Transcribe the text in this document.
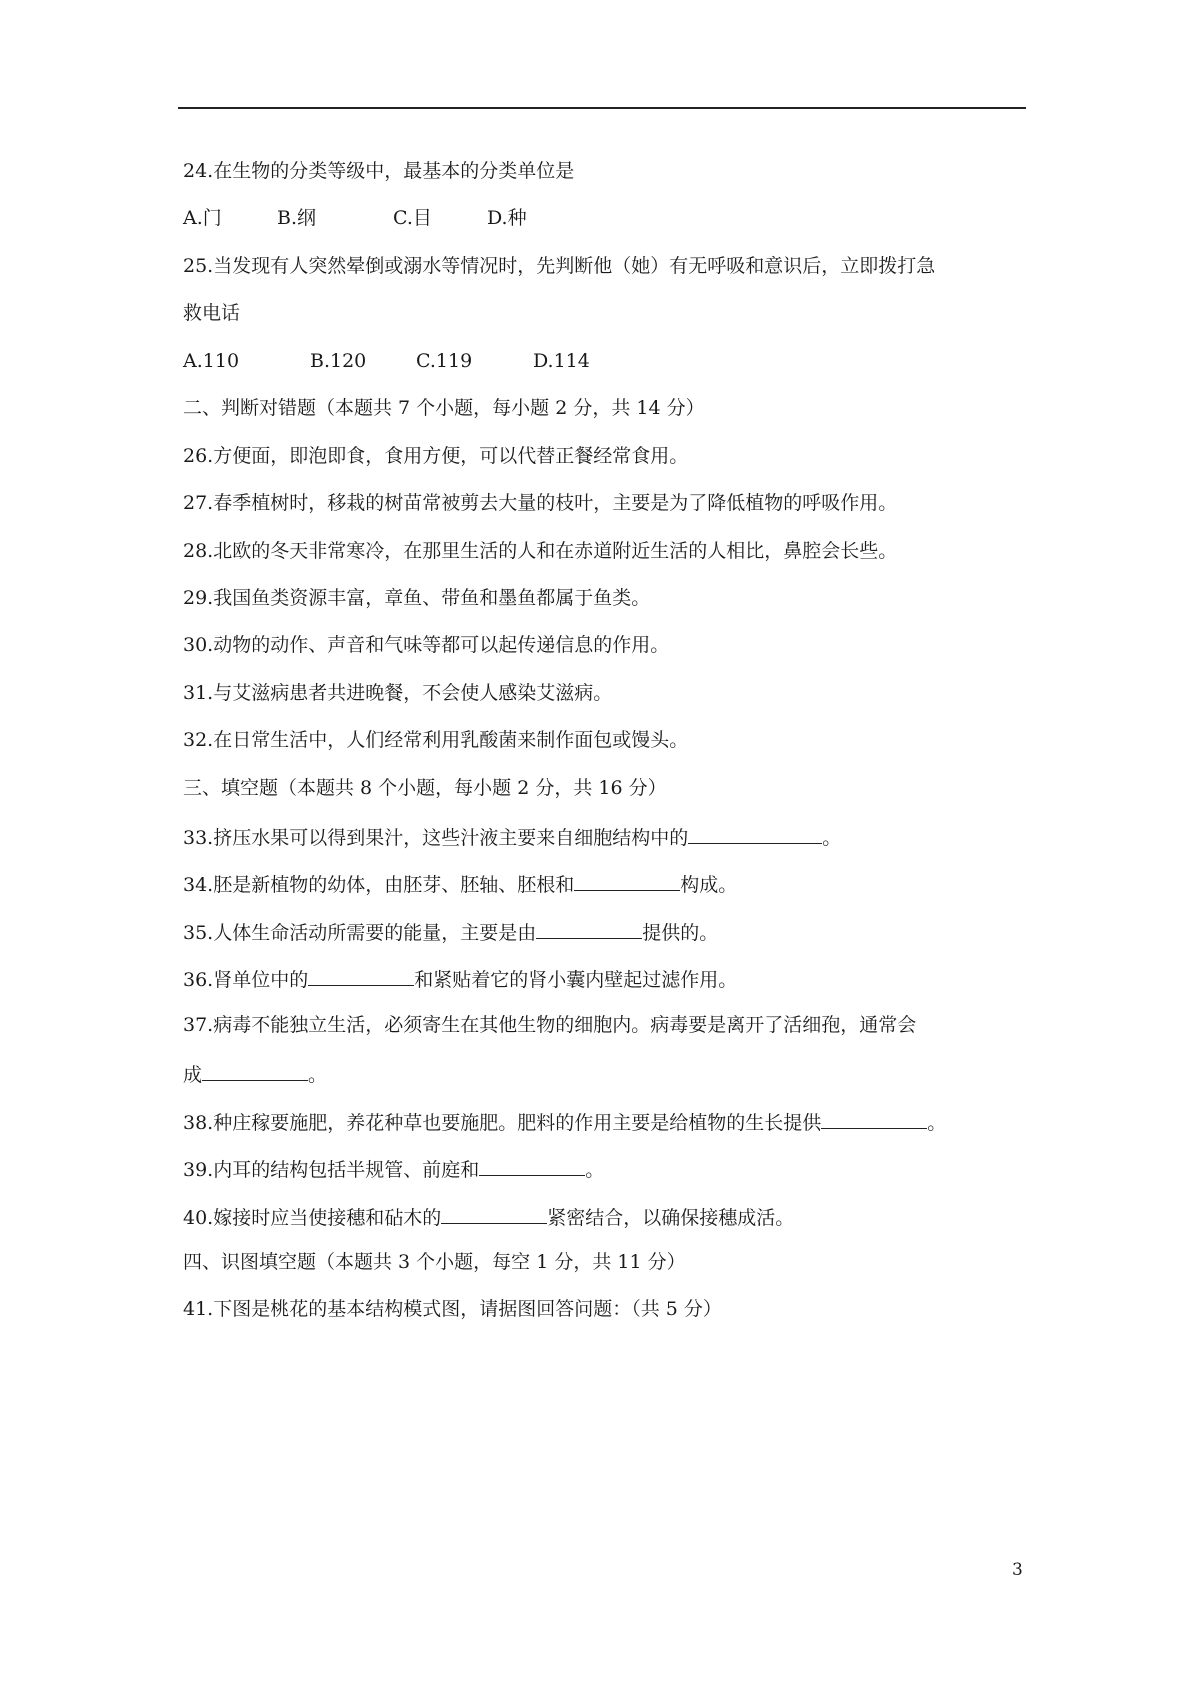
24.在生物的分类等级中，最基本的分类单位是
A.门	B.纲	C.目	D.种
25.当发现有人突然晕倒或溺水等情况时，先判断他（她）有无呼吸和意识后，立即拨打急
救电话
A.110	B.120	C.119	D.114
二、判断对错题（本题共 7 个小题，每小题 2 分，共 14 分）
26.方便面，即泡即食，食用方便，可以代替正餐经常食用。
27.春季植树时，移栽的树苗常被剪去大量的枝叶，主要是为了降低植物的呼吸作用。
28.北欧的冬天非常寒冷，在那里生活的人和在赤道附近生活的人相比，鼻腔会长些。
29.我国鱼类资源丰富，章鱼、带鱼和墨鱼都属于鱼类。
30.动物的动作、声音和气味等都可以起传递信息的作用。
31.与艾滋病患者共进晚餐，不会使人感染艾滋病。
32.在日常生活中，人们经常利用乳酸菌来制作面包或馒头。
三、填空题（本题共 8 个小题，每小题 2 分，共 16 分）
33.挤压水果可以得到果汁，这些汁液主要来自细胞结构中的	。
34.胚是新植物的幼体，由胚芽、胚轴、胚根和	构成。
35.人体生命活动所需要的能量，主要是由	提供的。
36.肾单位中的	和紧贴着它的肾小囊内壁起过滤作用。
37.病毒不能独立生活，必须寄生在其他生物的细胞内。病毒要是离开了活细孢，通常会
成	。
38.种庄稼要施肥，养花种草也要施肥。肥料的作用主要是给植物的生长提供	。
39.内耳的结构包括半规管、前庭和	。
40.嫁接时应当使接穗和砧木的	紧密结合，以确保接穗成活。
四、识图填空题（本题共 3 个小题，每空 1 分，共 11 分）
41.下图是桃花的基本结构模式图，请据图回答问题：（共 5 分）
3
